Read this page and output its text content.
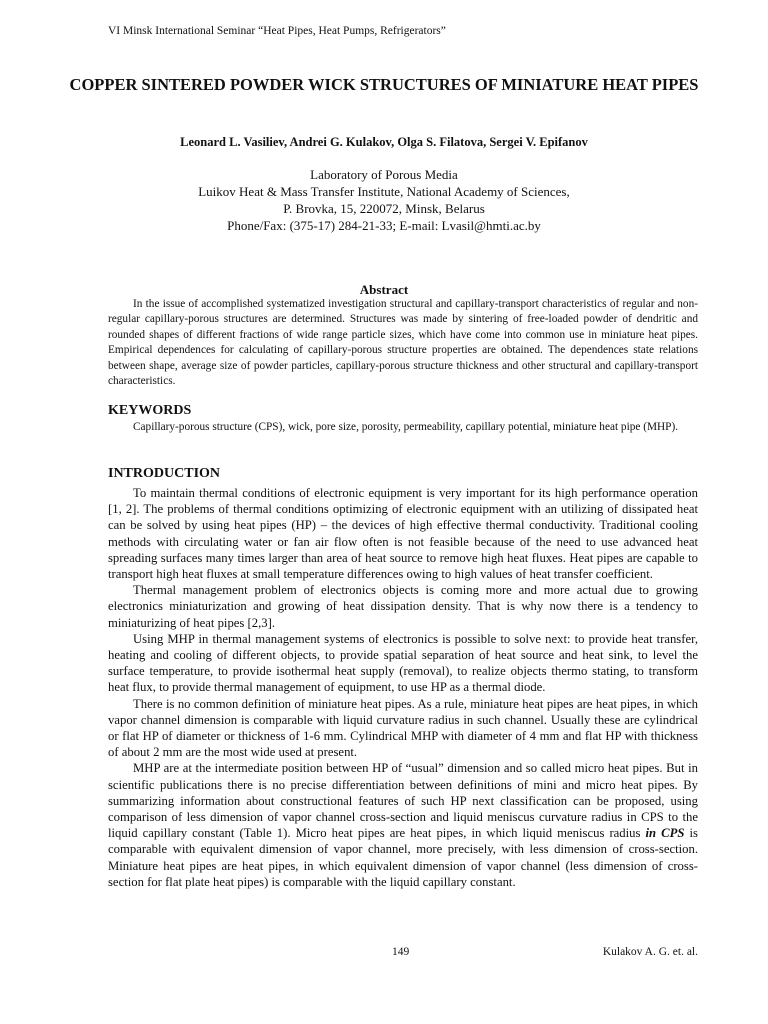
VI Minsk International Seminar “Heat Pipes, Heat Pumps, Refrigerators”
COPPER SINTERED POWDER WICK STRUCTURES OF MINIATURE HEAT PIPES
Leonard L. Vasiliev, Andrei G. Kulakov, Olga S. Filatova, Sergei V. Epifanov
Laboratory of Porous Media
Luikov Heat & Mass Transfer Institute, National Academy of Sciences,
P. Brovka, 15, 220072, Minsk, Belarus
Phone/Fax: (375-17) 284-21-33; E-mail: Lvasil@hmti.ac.by
Abstract

In the issue of accomplished systematized investigation structural and capillary-transport characteristics of regular and non-regular capillary-porous structures are determined. Structures was made by sintering of free-loaded powder of dendritic and rounded shapes of different fractions of wide range particle sizes, which have come into common use in miniature heat pipes. Empirical dependences for calculating of capillary-porous structure properties are obtained. The dependences state relations between shape, average size of powder particles, capillary-porous structure thickness and other structural and capillary-transport characteristics.

KEYWORDS

Capillary-porous structure (CPS), wick, pore size, porosity, permeability, capillary potential, miniature heat pipe (MHP).

INTRODUCTION

To maintain thermal conditions of electronic equipment is very important for its high performance operation [1, 2]. The problems of thermal conditions optimizing of electronic equipment with an utilizing of dissipated heat can be solved by using heat pipes (HP) – the devices of high effective thermal conductivity. Traditional cooling methods with circulating water or fan air flow often is not feasible because of the need to use advanced heat spreading surfaces many times larger than area of heat source to remove high heat fluxes. Heat pipes are capable to transport high heat fluxes at small temperature differences owing to high values of heat transfer coefficient.

Thermal management problem of electronics objects is coming more and more actual due to growing electronics miniaturization and growing of heat dissipation density. That is why now there is a tendency to miniaturizing of heat pipes [2,3].

Using MHP in thermal management systems of electronics is possible to solve next: to provide heat transfer, heating and cooling of different objects, to provide spatial separation of heat source and heat sink, to level the surface temperature, to provide isothermal heat supply (removal), to realize objects thermo stating, to transform heat flux, to provide thermal management of equipment, to use HP as a thermal diode.

There is no common definition of miniature heat pipes. As a rule, miniature heat pipes are heat pipes, in which vapor channel dimension is comparable with liquid curvature radius in such channel. Usually these are cylindrical or flat HP of diameter or thickness of 1-6 mm. Cylindrical MHP with diameter of 4 mm and flat HP with thickness of about 2 mm are the most wide used at present.

MHP are at the intermediate position between HP of “usual” dimension and so called micro heat pipes. But in scientific publications there is no precise differentiation between definitions of mini and micro heat pipes. By summarizing information about constructional features of such HP next classification can be proposed, using comparison of less dimension of vapor channel cross-section and liquid meniscus curvature radius in CPS to the liquid capillary constant (Table 1). Micro heat pipes are heat pipes, in which liquid meniscus radius in CPS is comparable with equivalent dimension of vapor channel, more precisely, with less dimension of cross-section. Miniature heat pipes are heat pipes, in which equivalent dimension of vapor channel (less dimension of cross-section for flat plate heat pipes) is comparable with the liquid capillary constant.

149	Kulakov A. G. et. al.
